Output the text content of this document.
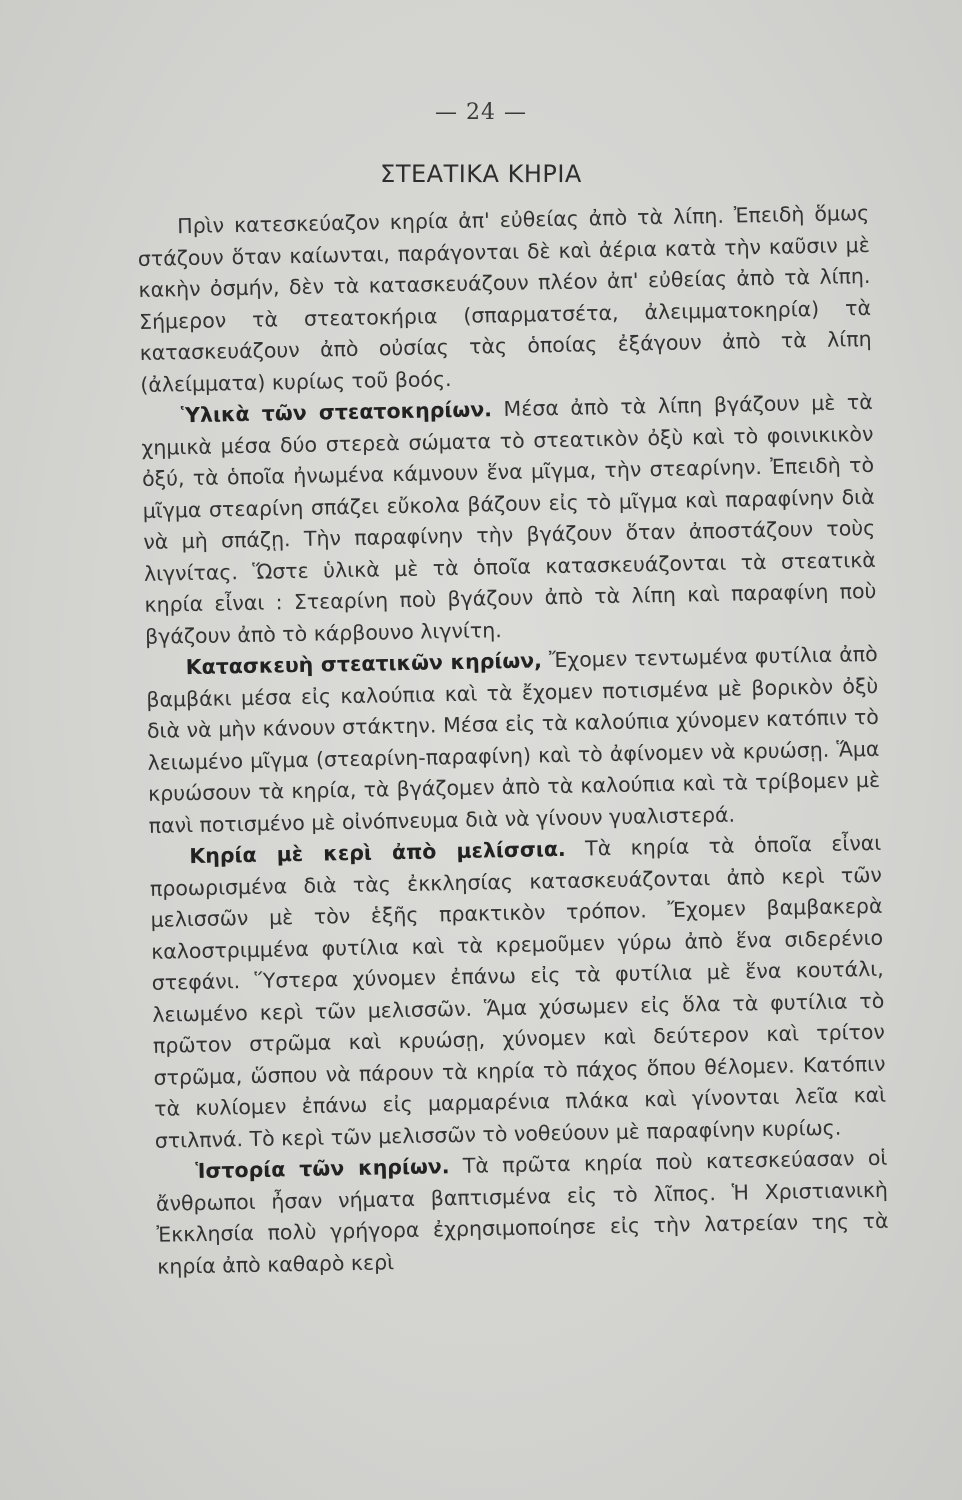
— 24 —
ΣΤΕΑΤΙΚΑ ΚΗΡΙΑ

Πρὶν κατεσκεύαζον κηρία ἀπ' εὐθείας ἀπὸ τὰ λίπη. Ἐπειδὴ ὅμως στάζουν ὅταν καίωνται, παράγονται δὲ καὶ ἀέρια κατὰ τὴν καῦσιν μὲ κακὴν ὀσμήν, δὲν τὰ κατασκευάζουν πλέον ἀπ' εὐθείας ἀπὸ τὰ λίπη. Σήμερον τὰ στεατοκήρια (σπαρματσέτα, ἀλειμματοκηρία) τὰ κατασκευάζουν ἀπὸ οὐσίας τὰς ὁποίας ἐξάγουν ἀπὸ τὰ λίπη (ἀλείμματα) κυρίως τοῦ βοός.

Ὑλικὰ τῶν στεατοκηρίων. Μέσα ἀπὸ τὰ λίπη βγάζουν μὲ τὰ χημικὰ μέσα δύο στερεὰ σώματα τὸ στεατικὸν ὀξὺ καὶ τὸ φοινικικὸν ὀξύ, τὰ ὁποῖα ἠνωμένα κάμνουν ἕνα μῖγμα, τὴν στεαρίνην. Ἐπειδὴ τὸ μῖγμα στεαρίνη σπάζει εὔκολα βάζουν εἰς τὸ μῖγμα καὶ παραφίνην διὰ νὰ μὴ σπάζῃ. Τὴν παραφίνην τὴν βγάζουν ὅταν ἀποστάζουν τοὺς λιγνίτας. Ὥστε ὑλικὰ μὲ τὰ ὁποῖα κατασκευάζονται τὰ στεατικὰ κηρία εἶναι : Στεαρίνη ποὺ βγάζουν ἀπὸ τὰ λίπη καὶ παραφίνη ποὺ βγάζουν ἀπὸ τὸ κάρβουνο λιγνίτη.

Κατασκευὴ στεατικῶν κηρίων, Ἔχομεν τεντωμένα φυτίλια ἀπὸ βαμβάκι μέσα εἰς καλούπια καὶ τὰ ἔχομεν ποτισμένα μὲ βορικὸν ὀξὺ διὰ νὰ μὴν κάνουν στάκτην. Μέσα εἰς τὰ καλούπια χύνομεν κατόπιν τὸ λειωμένο μῖγμα (στεαρίνη-παραφίνη) καὶ τὸ ἀφίνομεν νὰ κρυώσῃ. Ἅμα κρυώσουν τὰ κηρία, τὰ βγάζομεν ἀπὸ τὰ καλούπια καὶ τὰ τρίβομεν μὲ πανὶ ποτισμένο μὲ οἰνόπνευμα διὰ νὰ γίνουν γυαλιστερά.

Κηρία μὲ κερὶ ἀπὸ μελίσσια. Τὰ κηρία τὰ ὁποῖα εἶναι προωρισμένα διὰ τὰς ἐκκλησίας κατασκευάζονται ἀπὸ κερὶ τῶν μελισσῶν μὲ τὸν ἑξῆς πρακτικὸν τρόπον. Ἔχομεν βαμβακερὰ καλοστριμμένα φυτίλια καὶ τὰ κρεμοῦμεν γύρω ἀπὸ ἕνα σιδερένιο στεφάνι. Ὕστερα χύνομεν ἐπάνω εἰς τὰ φυτίλια μὲ ἕνα κουτάλι, λειωμένο κερὶ τῶν μελισσῶν. Ἅμα χύσωμεν εἰς ὅλα τὰ φυτίλια τὸ πρῶτον στρῶμα καὶ κρυώσῃ, χύνομεν καὶ δεύτερον καὶ τρίτον στρῶμα, ὥσπου νὰ πάρουν τὰ κηρία τὸ πάχος ὅπου θέλομεν. Κατόπιν τὰ κυλίομεν ἐπάνω εἰς μαρμαρένια πλάκα καὶ γίνονται λεῖα καὶ στιλπνά. Τὸ κερὶ τῶν μελισσῶν τὸ νοθεύουν μὲ παραφίνην κυρίως.

Ἱστορία τῶν κηρίων. Τὰ πρῶτα κηρία ποὺ κατεσκεύασαν οἱ ἄνθρωποι ἦσαν νήματα βαπτισμένα εἰς τὸ λῖπος. Ἡ Χριστιανικὴ Ἐκκλησία πολὺ γρήγορα ἐχρησιμοποίησε εἰς τὴν λατρείαν της τὰ κηρία ἀπὸ καθαρὸ κερὶ
